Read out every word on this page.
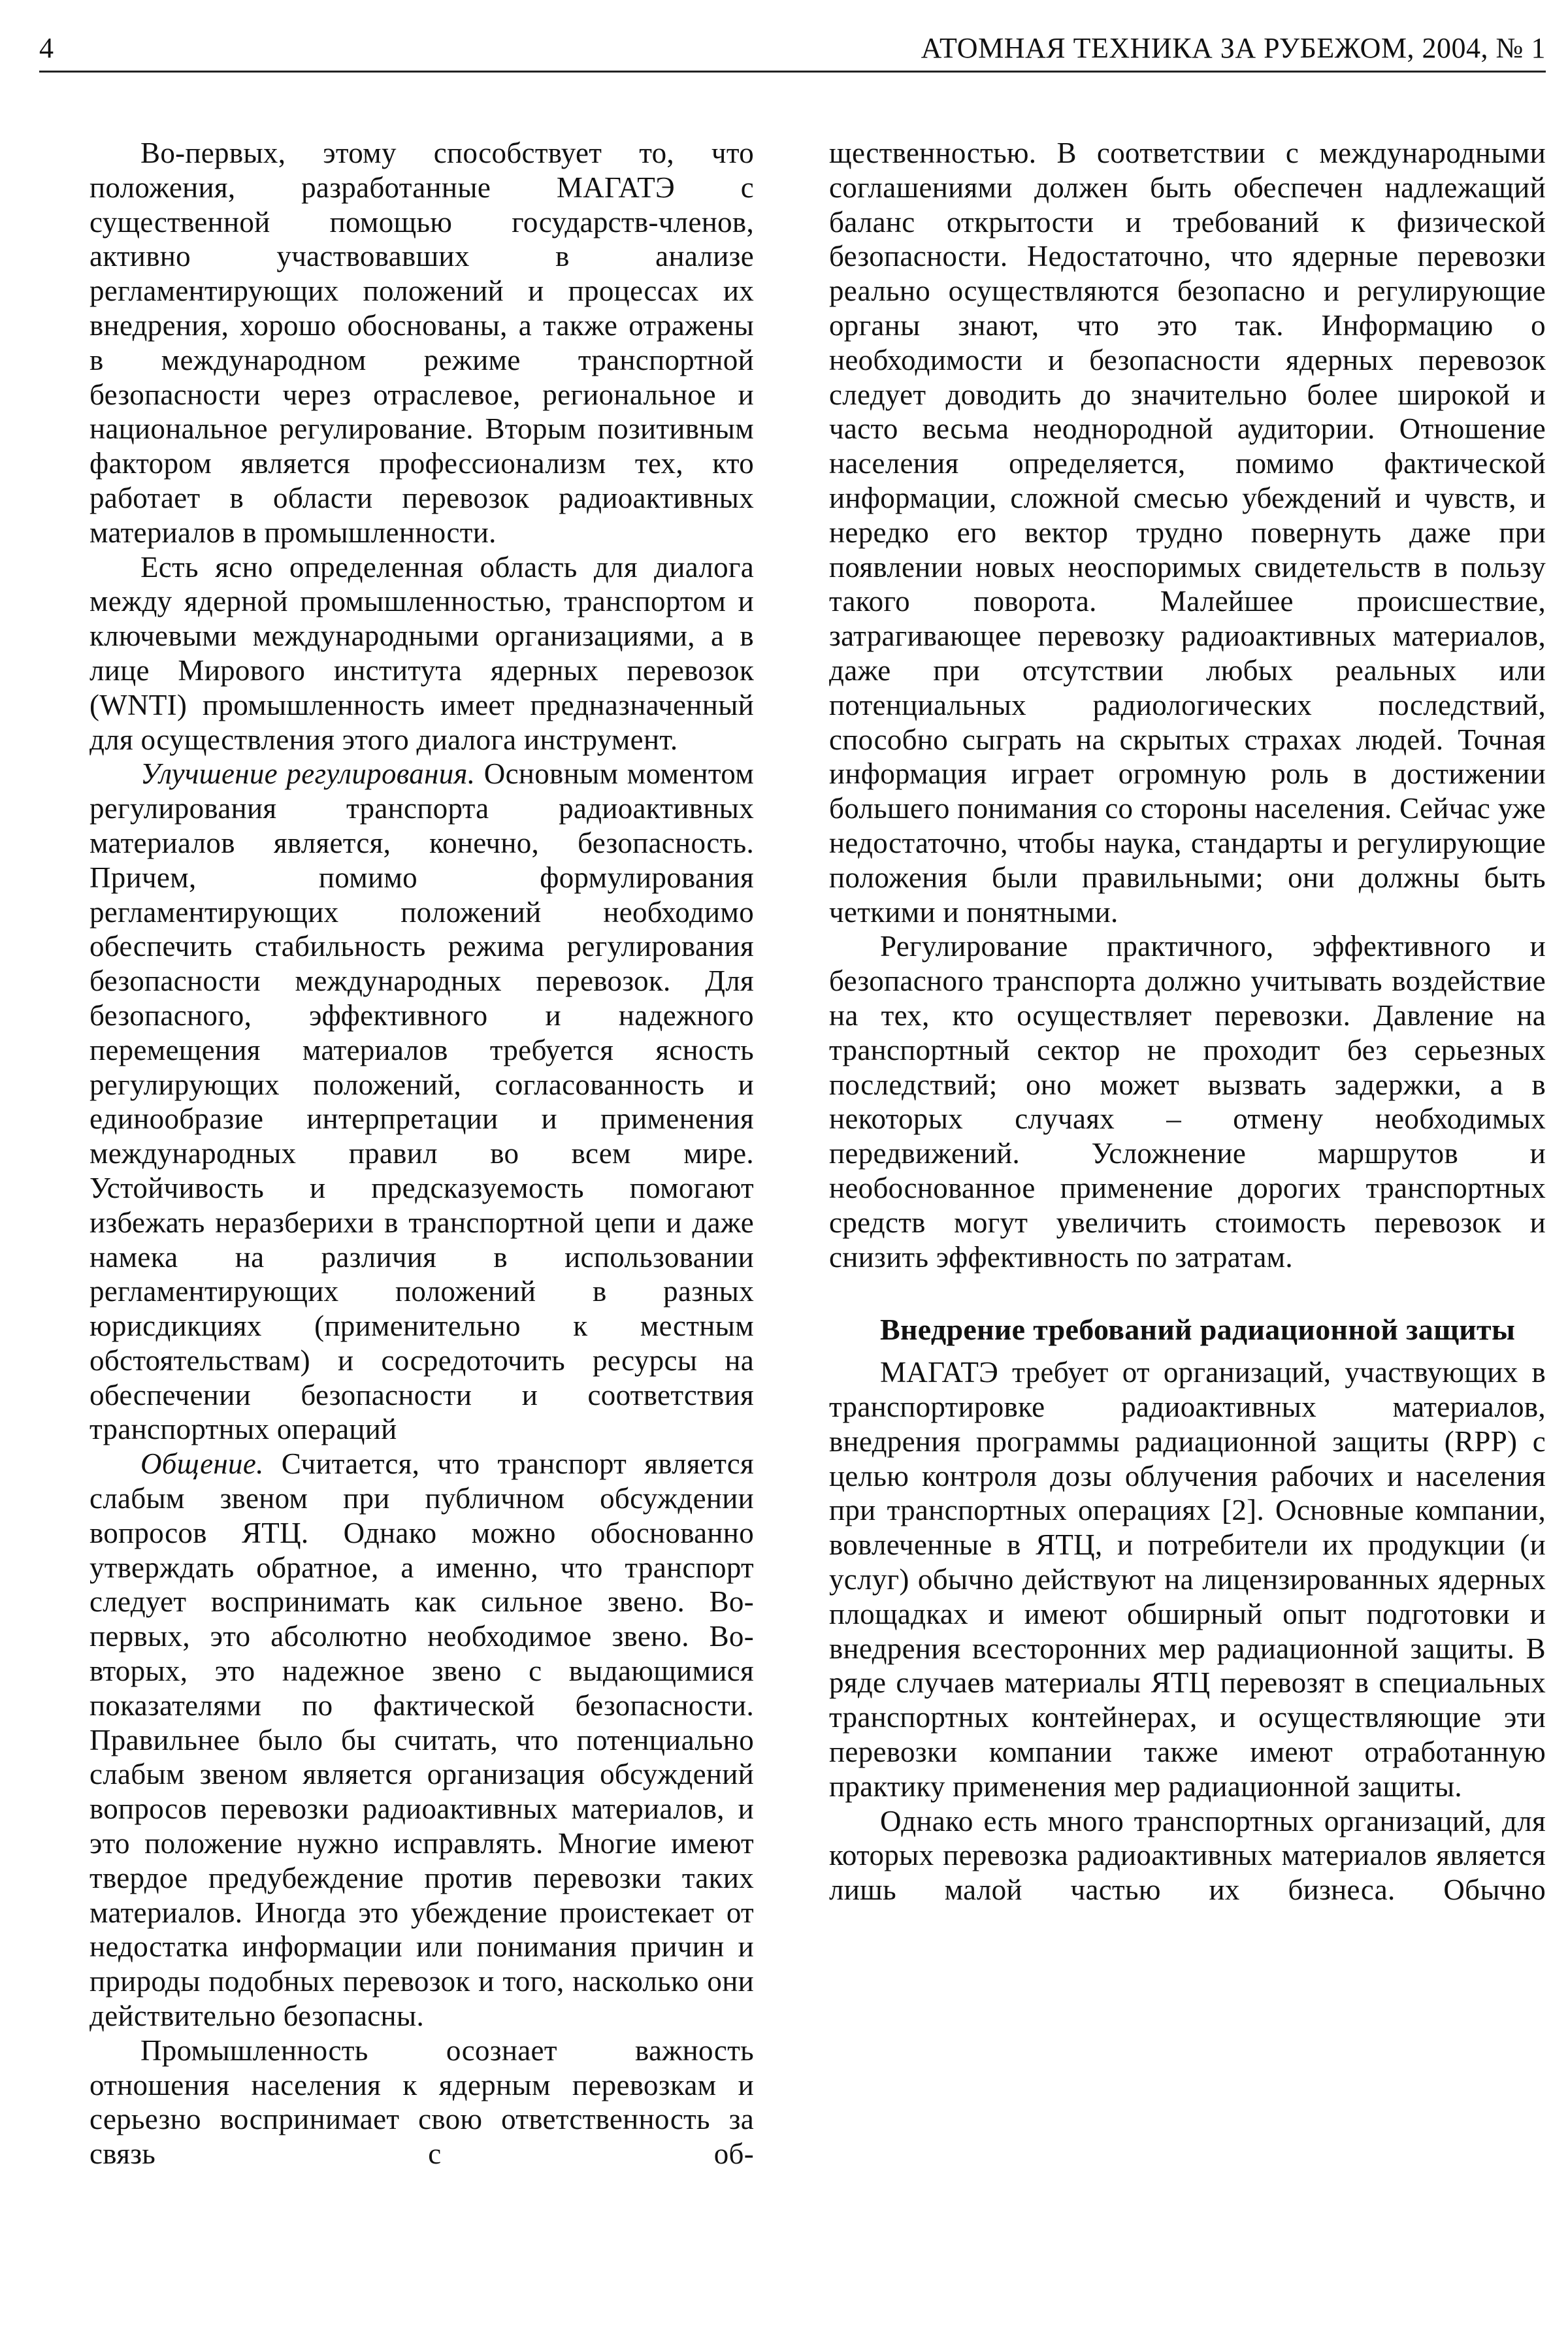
4	АТОМНАЯ ТЕХНИКА ЗА РУБЕЖОМ, 2004, № 1

Во-первых, этому способствует то, что положения, разработанные МАГАТЭ с существенной помощью государств-членов, активно участвовавших в анализе регламентирующих положений и процессах их внедрения, хорошо обоснованы, а также отражены в международном режиме транспортной безопасности через отраслевое, региональное и национальное регулирование. Вторым позитивным фактором является профессионализм тех, кто работает в области перевозок радиоактивных материалов в промышленности.

Есть ясно определенная область для диалога между ядерной промышленностью, транспортом и ключевыми международными организациями, а в лице Мирового института ядерных перевозок (WNTI) промышленность имеет предназначенный для осуществления этого диалога инструмент.

Улучшение регулирования. Основным моментом регулирования транспорта радиоактивных материалов является, конечно, безопасность. Причем, помимо формулирования регламентирующих положений необходимо обеспечить стабильность режима регулирования безопасности международных перевозок. Для безопасного, эффективного и надежного перемещения материалов требуется ясность регулирующих положений, согласованность и единообразие интерпретации и применения международных правил во всем мире. Устойчивость и предсказуемость помогают избежать неразберихи в транспортной цепи и даже намека на различия в использовании регламентирующих положений в разных юрисдикциях (применительно к местным обстоятельствам) и сосредоточить ресурсы на обеспечении безопасности и соответствия транспортных операций

Общение. Считается, что транспорт является слабым звеном при публичном обсуждении вопросов ЯТЦ. Однако можно обоснованно утверждать обратное, а именно, что транспорт следует воспринимать как сильное звено. Во-первых, это абсолютно необходимое звено. Во-вторых, это надежное звено с выдающимися показателями по фактической безопасности. Правильнее было бы считать, что потенциально слабым звеном является организация обсуждений вопросов перевозки радиоактивных материалов, и это положение нужно исправлять. Многие имеют твердое предубеждение против перевозки таких материалов. Иногда это убеждение проистекает от недостатка информации или понимания причин и природы подобных перевозок и того, насколько они действительно безопасны.

Промышленность осознает важность отношения населения к ядерным перевозкам и серьезно воспринимает свою ответственность за связь с об-

щественностью. В соответствии с международными соглашениями должен быть обеспечен надлежащий баланс открытости и требований к физической безопасности. Недостаточно, что ядерные перевозки реально осуществляются безопасно и регулирующие органы знают, что это так. Информацию о необходимости и безопасности ядерных перевозок следует доводить до значительно более широкой и часто весьма неоднородной аудитории. Отношение населения определяется, помимо фактической информации, сложной смесью убеждений и чувств, и нередко его вектор трудно повернуть даже при появлении новых неоспоримых свидетельств в пользу такого поворота. Малейшее происшествие, затрагивающее перевозку радиоактивных материалов, даже при отсутствии любых реальных или потенциальных радиологических последствий, способно сыграть на скрытых страхах людей. Точная информация играет огромную роль в достижении большего понимания со стороны населения. Сейчас уже недостаточно, чтобы наука, стандарты и регулирующие положения были правильными; они должны быть четкими и понятными.

Регулирование практичного, эффективного и безопасного транспорта должно учитывать воздействие на тех, кто осуществляет перевозки. Давление на транспортный сектор не проходит без серьезных последствий; оно может вызвать задержки, а в некоторых случаях – отмену необходимых передвижений. Усложнение маршрутов и необоснованное применение дорогих транспортных средств могут увеличить стоимость перевозок и снизить эффективность по затратам.

Внедрение требований радиационной защиты

МАГАТЭ требует от организаций, участвующих в транспортировке радиоактивных материалов, внедрения программы радиационной защиты (RPP) с целью контроля дозы облучения рабочих и населения при транспортных операциях [2]. Основные компании, вовлеченные в ЯТЦ, и потребители их продукции (и услуг) обычно действуют на лицензированных ядерных площадках и имеют обширный опыт подготовки и внедрения всесторонних мер радиационной защиты. В ряде случаев материалы ЯТЦ перевозят в специальных транспортных контейнерах, и осуществляющие эти перевозки компании также имеют отработанную практику применения мер радиационной защиты.

Однако есть много транспортных организаций, для которых перевозка радиоактивных материалов является лишь малой частью их бизнеса. Обычно
